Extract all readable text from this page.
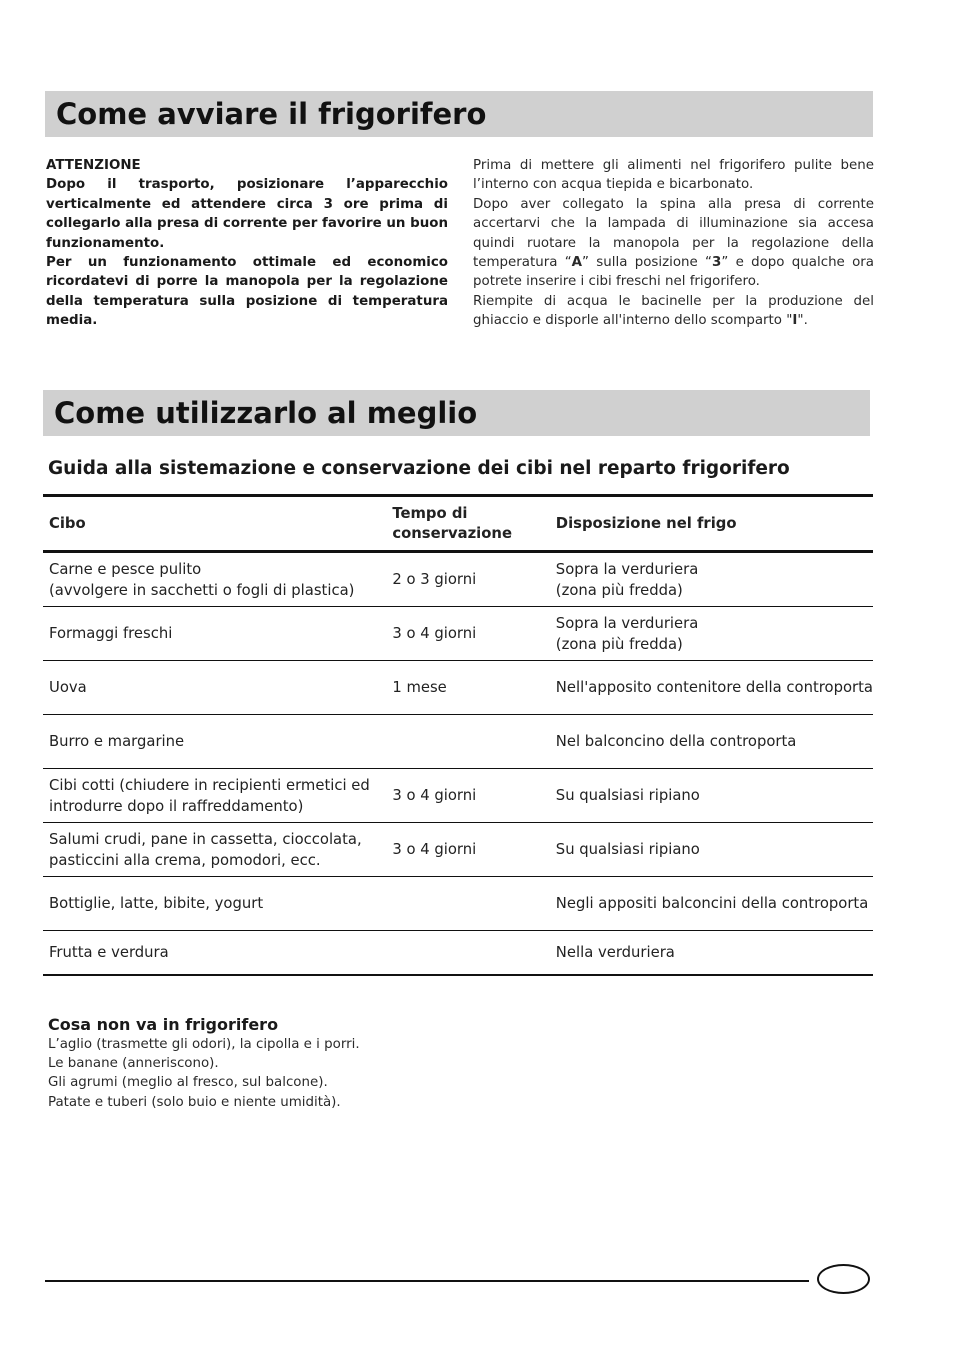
Come avviare il frigorifero

ATTENZIONE

Dopo il trasporto, posizionare l’apparecchio verticalmente ed attendere circa 3 ore prima di collegarlo alla presa di corrente per favorire un buon funzionamento.

Per un funzionamento ottimale ed economico ricordatevi di porre la manopola per la regolazione della temperatura sulla posizione di temperatura media.

Prima di mettere gli alimenti nel frigorifero pulite bene l’interno con acqua tiepida e bicarbonato.

Dopo aver collegato la spina alla presa di corrente accertarvi che la lampada di illuminazione sia accesa quindi ruotare la manopola per la regolazione della temperatura “A” sulla posizione “3” e dopo qualche ora potrete inserire i cibi freschi nel frigorifero.

Riempite di acqua le bacinelle per la produzione del ghiaccio e disporle all'interno dello scomparto "I".

Come utilizzarlo al meglio
Guida alla sistemazione e conservazione dei cibi nel reparto frigorifero
Cibo	Tempo di
conservazione	Disposizione nel frigo
Carne e pesce pulito
(avvolgere in sacchetti o fogli di plastica)	2 o 3 giorni	Sopra la verduriera
(zona più fredda)
Formaggi freschi	3 o 4 giorni	Sopra la verduriera
(zona più fredda)
Uova	1 mese	Nell'apposito contenitore della controporta
Burro e margarine		Nel balconcino della controporta
Cibi cotti (chiudere in recipienti ermetici ed
introdurre dopo il raffreddamento)	3 o 4 giorni	Su qualsiasi ripiano
Salumi crudi, pane in cassetta, cioccolata,
pasticcini alla crema, pomodori, ecc.	3 o 4 giorni	Su qualsiasi ripiano
Bottiglie, latte, bibite, yogurt		Negli appositi balconcini della controporta
Frutta e verdura		Nella verduriera
Cosa non va in frigorifero
L’aglio (trasmette gli odori), la cipolla e i porri.
Le banane (anneriscono).
Gli agrumi (meglio al fresco, sul balcone).
Patate e tuberi (solo buio e niente umidità).
